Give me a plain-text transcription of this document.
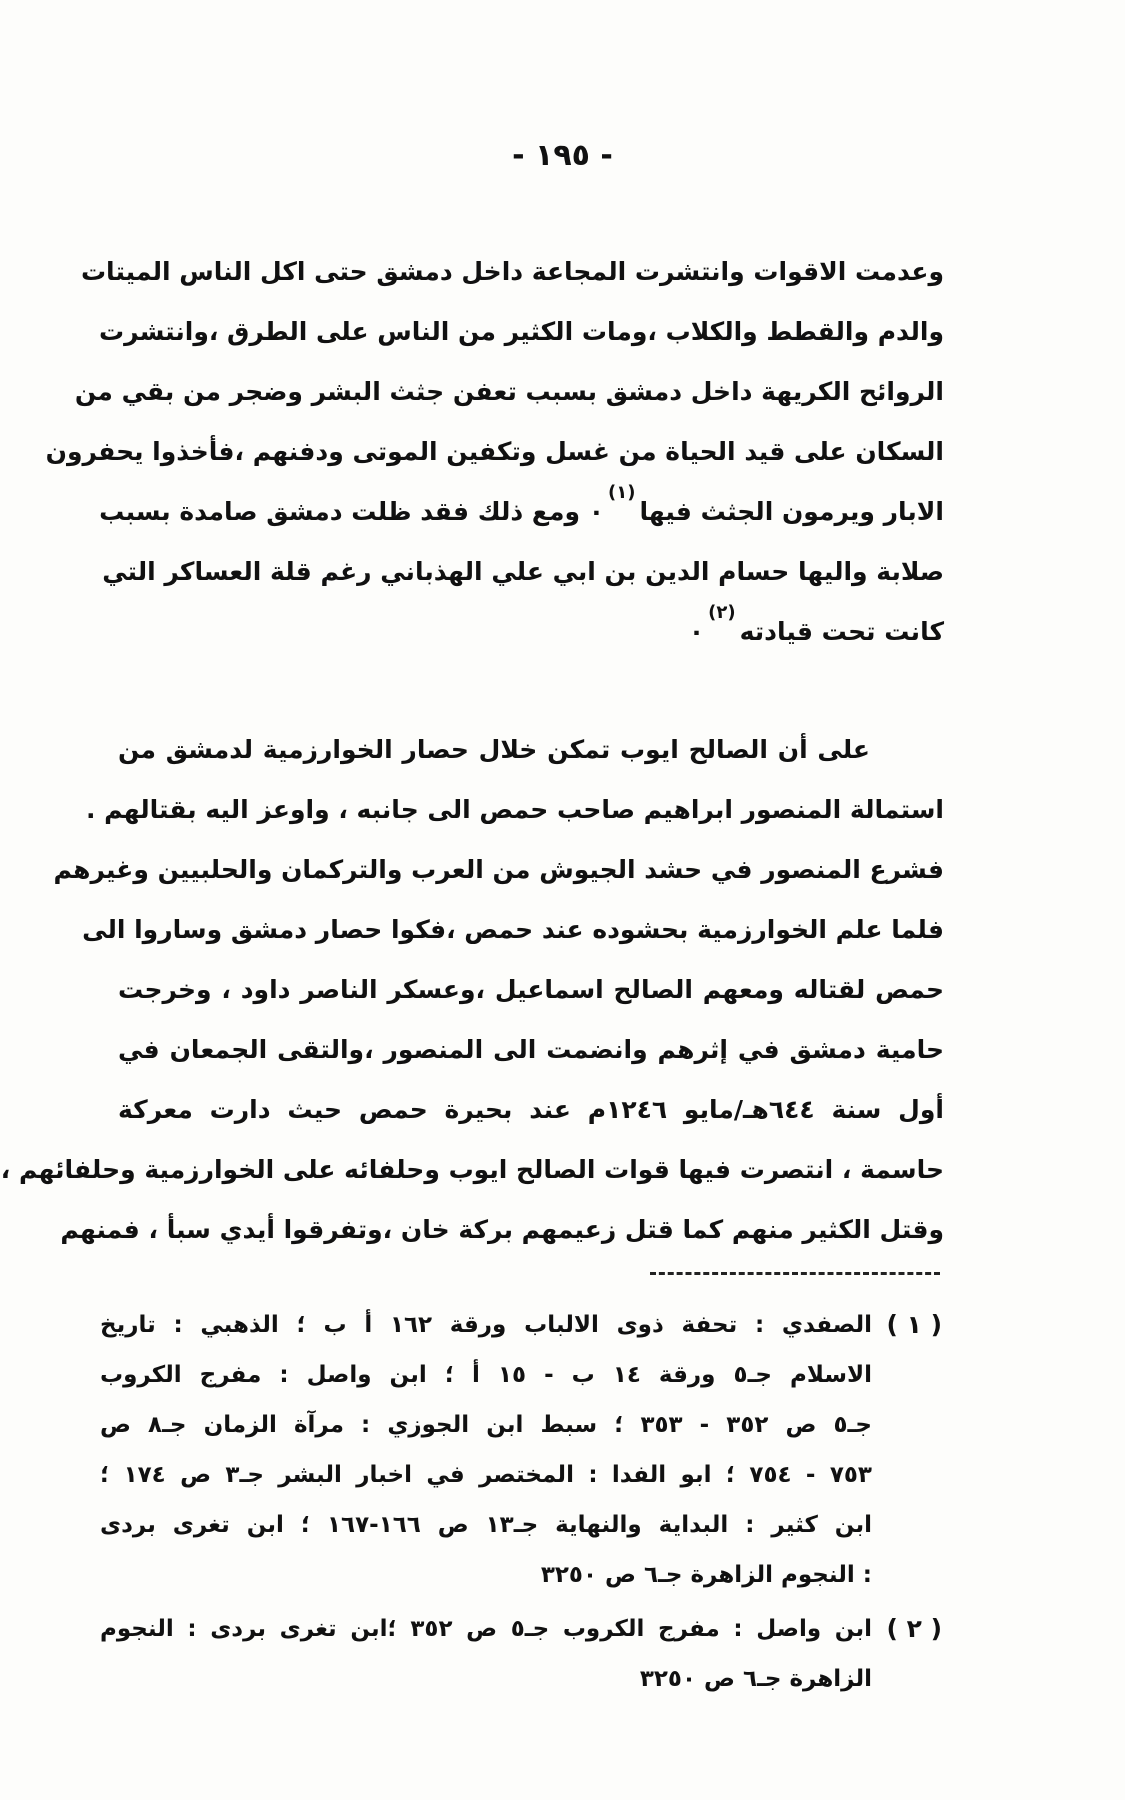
- ١٩٥ -
وعدمت الاقوات وانتشرت المجاعة داخل دمشق حتى اكل الناس الميتات
والدم والقطط والكلاب ،ومات الكثير من الناس على الطرق ،وانتشرت
الروائح الكريهة داخل دمشق بسبب تعفن جثث البشر وضجر من بقي من
السكان على قيد الحياة من غسل وتكفين الموتى ودفنهم ،فأخذوا يحفرون
الابار ويرمون الجثث فيها$^{(١)}$٠ ومع ذلك فقد ظلت دمشق صامدة بسبب
صلابة واليها حسام الدين بن ابي علي الهذباني رغم قلة العساكر التي
كانت تحت قيادته$^{(٢)}$٠
على أن الصالح ايوب تمكن خلال حصار الخوارزمية لدمشق من
استمالة المنصور ابراهيم صاحب حمص الى جانبه ، واوعز اليه بقتالهم .
فشرع المنصور في حشد الجيوش من العرب والتركمان والحلبيين وغيرهم
فلما علم الخوارزمية بحشوده عند حمص ،فكوا حصار دمشق وساروا الى
حمص لقتاله ومعهم الصالح اسماعيل ،وعسكر الناصر داود ، وخرجت
حامية دمشق في إثرهم وانضمت الى المنصور ،والتقى الجمعان في
أول سنة ٦٤٤هـ/مايو ١٢٤٦م عند بحيرة حمص حيث دارت معركة
حاسمة ، انتصرت فيها قوات الصالح ايوب وحلفائه على الخوارزمية وحلفائهم ،
وقتل الكثير منهم كما قتل زعيمهم بركة خان ،وتفرقوا أيدي سبأ ، فمنهم
( ١ )
الصفدي : تحفة ذوى الالباب ورقة ١٦٢ أ ب ؛ الذهبي : تاريخ
الاسلام جـ٥ ورقة ١٤ ب - ١٥ أ ؛ ابن واصل : مفرج الكروب
جـ٥ ص ٣٥٢ - ٣٥٣ ؛ سبط ابن الجوزي : مرآة الزمان جـ٨ ص
٧٥٣ - ٧٥٤ ؛ ابو الفدا : المختصر في اخبار البشر جـ٣ ص ١٧٤ ؛
ابن كثير : البداية والنهاية جـ١٣ ص ١٦٦-١٦٧ ؛ ابن تغرى بردى
: النجوم الزاهرة جـ٦ ص ٣٢٥٠
( ٢ )
ابن واصل : مفرج الكروب جـ٥ ص ٣٥٢ ؛ابن تغرى بردى : النجوم
الزاهرة جـ٦ ص ٣٢٥٠
